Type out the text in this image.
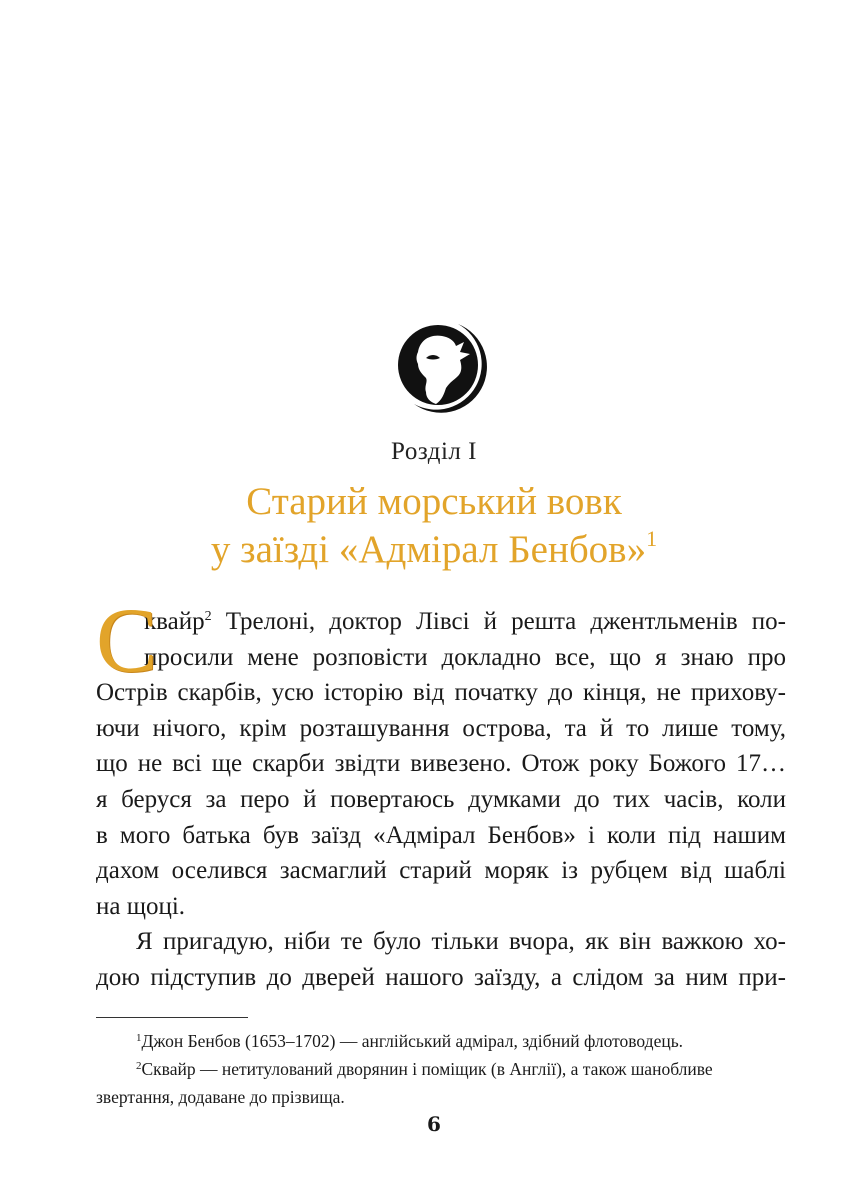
Розділ I
Старий морський вовк
у заїзді «Адмірал Бенбов»$^1$
С
квайр$^2$ Трелоні, доктор Лівсі й решта джентльменів по-
просили мене розповісти докладно все, що я знаю про
Острів скарбів, усю історію від початку до кінця, не прихову-
ючи нічого, крім розташування острова, та й то лише тому,
що не всі ще скарби звідти вивезено. Отож року Божого 17…
я беруся за перо й повертаюсь думками до тих часів, коли
в мого батька був заїзд «Адмірал Бенбов» і коли під нашим
дахом оселився засмаглий старий моряк із рубцем від шаблі
на щоці.
Я пригадую, ніби те було тільки вчора, як він важкою хо-
дою підступив до дверей нашого заїзду, а слідом за ним при-
$^1$Джон Бенбов (1653–1702) — англійський адмірал, здібний флотоводець.
$^2$Сквайр — нетитулований дворянин і поміщик (в Англії), а також шанобливе
звертання, додаване до прізвища.
6
